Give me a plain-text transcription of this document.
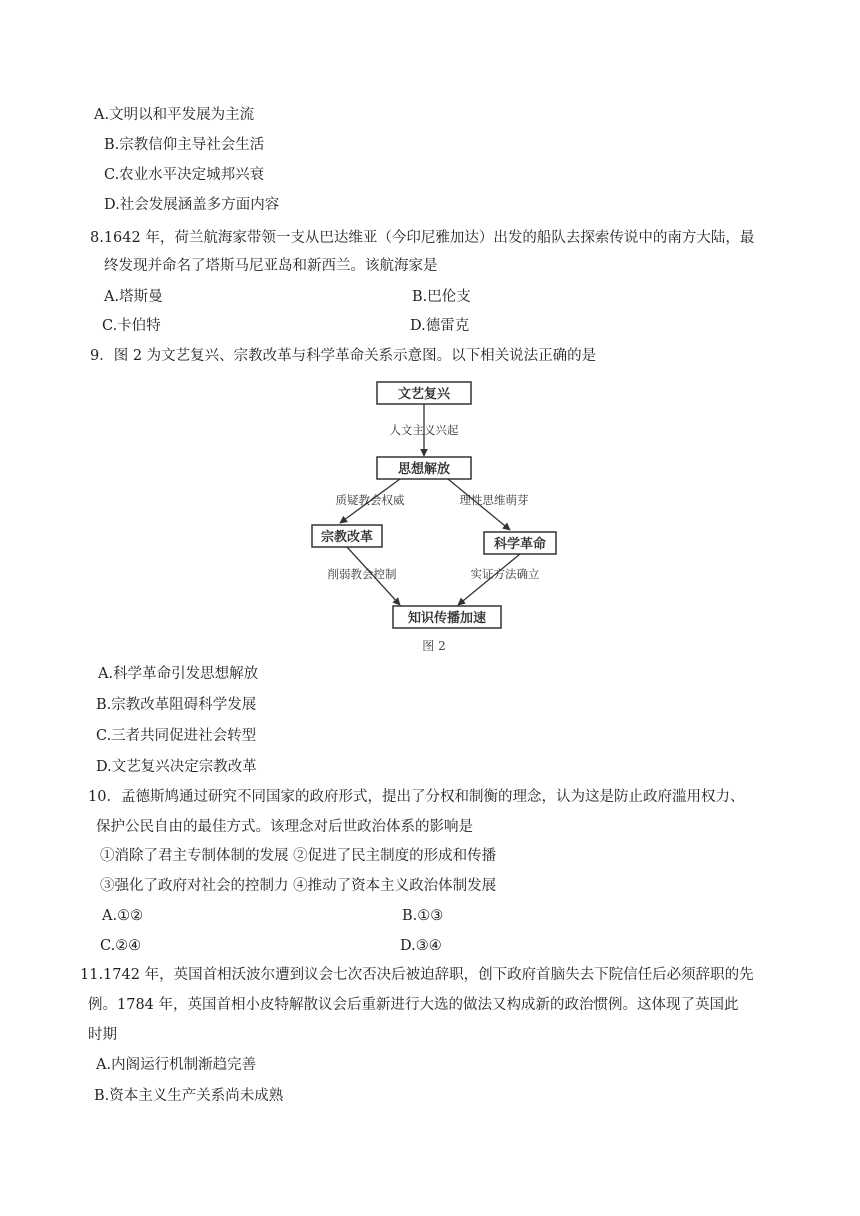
A.文明以和平发展为主流
B.宗教信仰主导社会生活
C.农业水平决定城邦兴衰
D.社会发展涵盖多方面内容
8.1642 年，荷兰航海家带领一支从巴达维亚（今印尼雅加达）出发的船队去探索传说中的南方大陆，最
终发现并命名了塔斯马尼亚岛和新西兰。该航海家是
A.塔斯曼	B.巴伦支
C.卡伯特	D.德雷克
9．图 2 为文艺复兴、宗教改革与科学革命关系示意图。以下相关说法正确的是
文艺复兴
人文主义兴起
思想解放
质疑教会权威	理性思维萌芽
宗教改革	科学革命
削弱教会控制	实证方法确立
知识传播加速
图 2
A.科学革命引发思想解放
B.宗教改革阻碍科学发展
C.三者共同促进社会转型
D.文艺复兴决定宗教改革
10．孟德斯鸠通过研究不同国家的政府形式，提出了分权和制衡的理念，认为这是防止政府滥用权力、
保护公民自由的最佳方式。该理念对后世政治体系的影响是
①消除了君主专制体制的发展 ②促进了民主制度的形成和传播
③强化了政府对社会的控制力 ④推动了资本主义政治体制发展
A.①②	B.①③
C.②④	D.③④
11.1742 年，英国首相沃波尔遭到议会七次否决后被迫辞职，创下政府首脑失去下院信任后必须辞职的先
例。1784 年，英国首相小皮特解散议会后重新进行大选的做法又构成新的政治惯例。这体现了英国此
时期
A.内阁运行机制渐趋完善
B.资本主义生产关系尚未成熟
